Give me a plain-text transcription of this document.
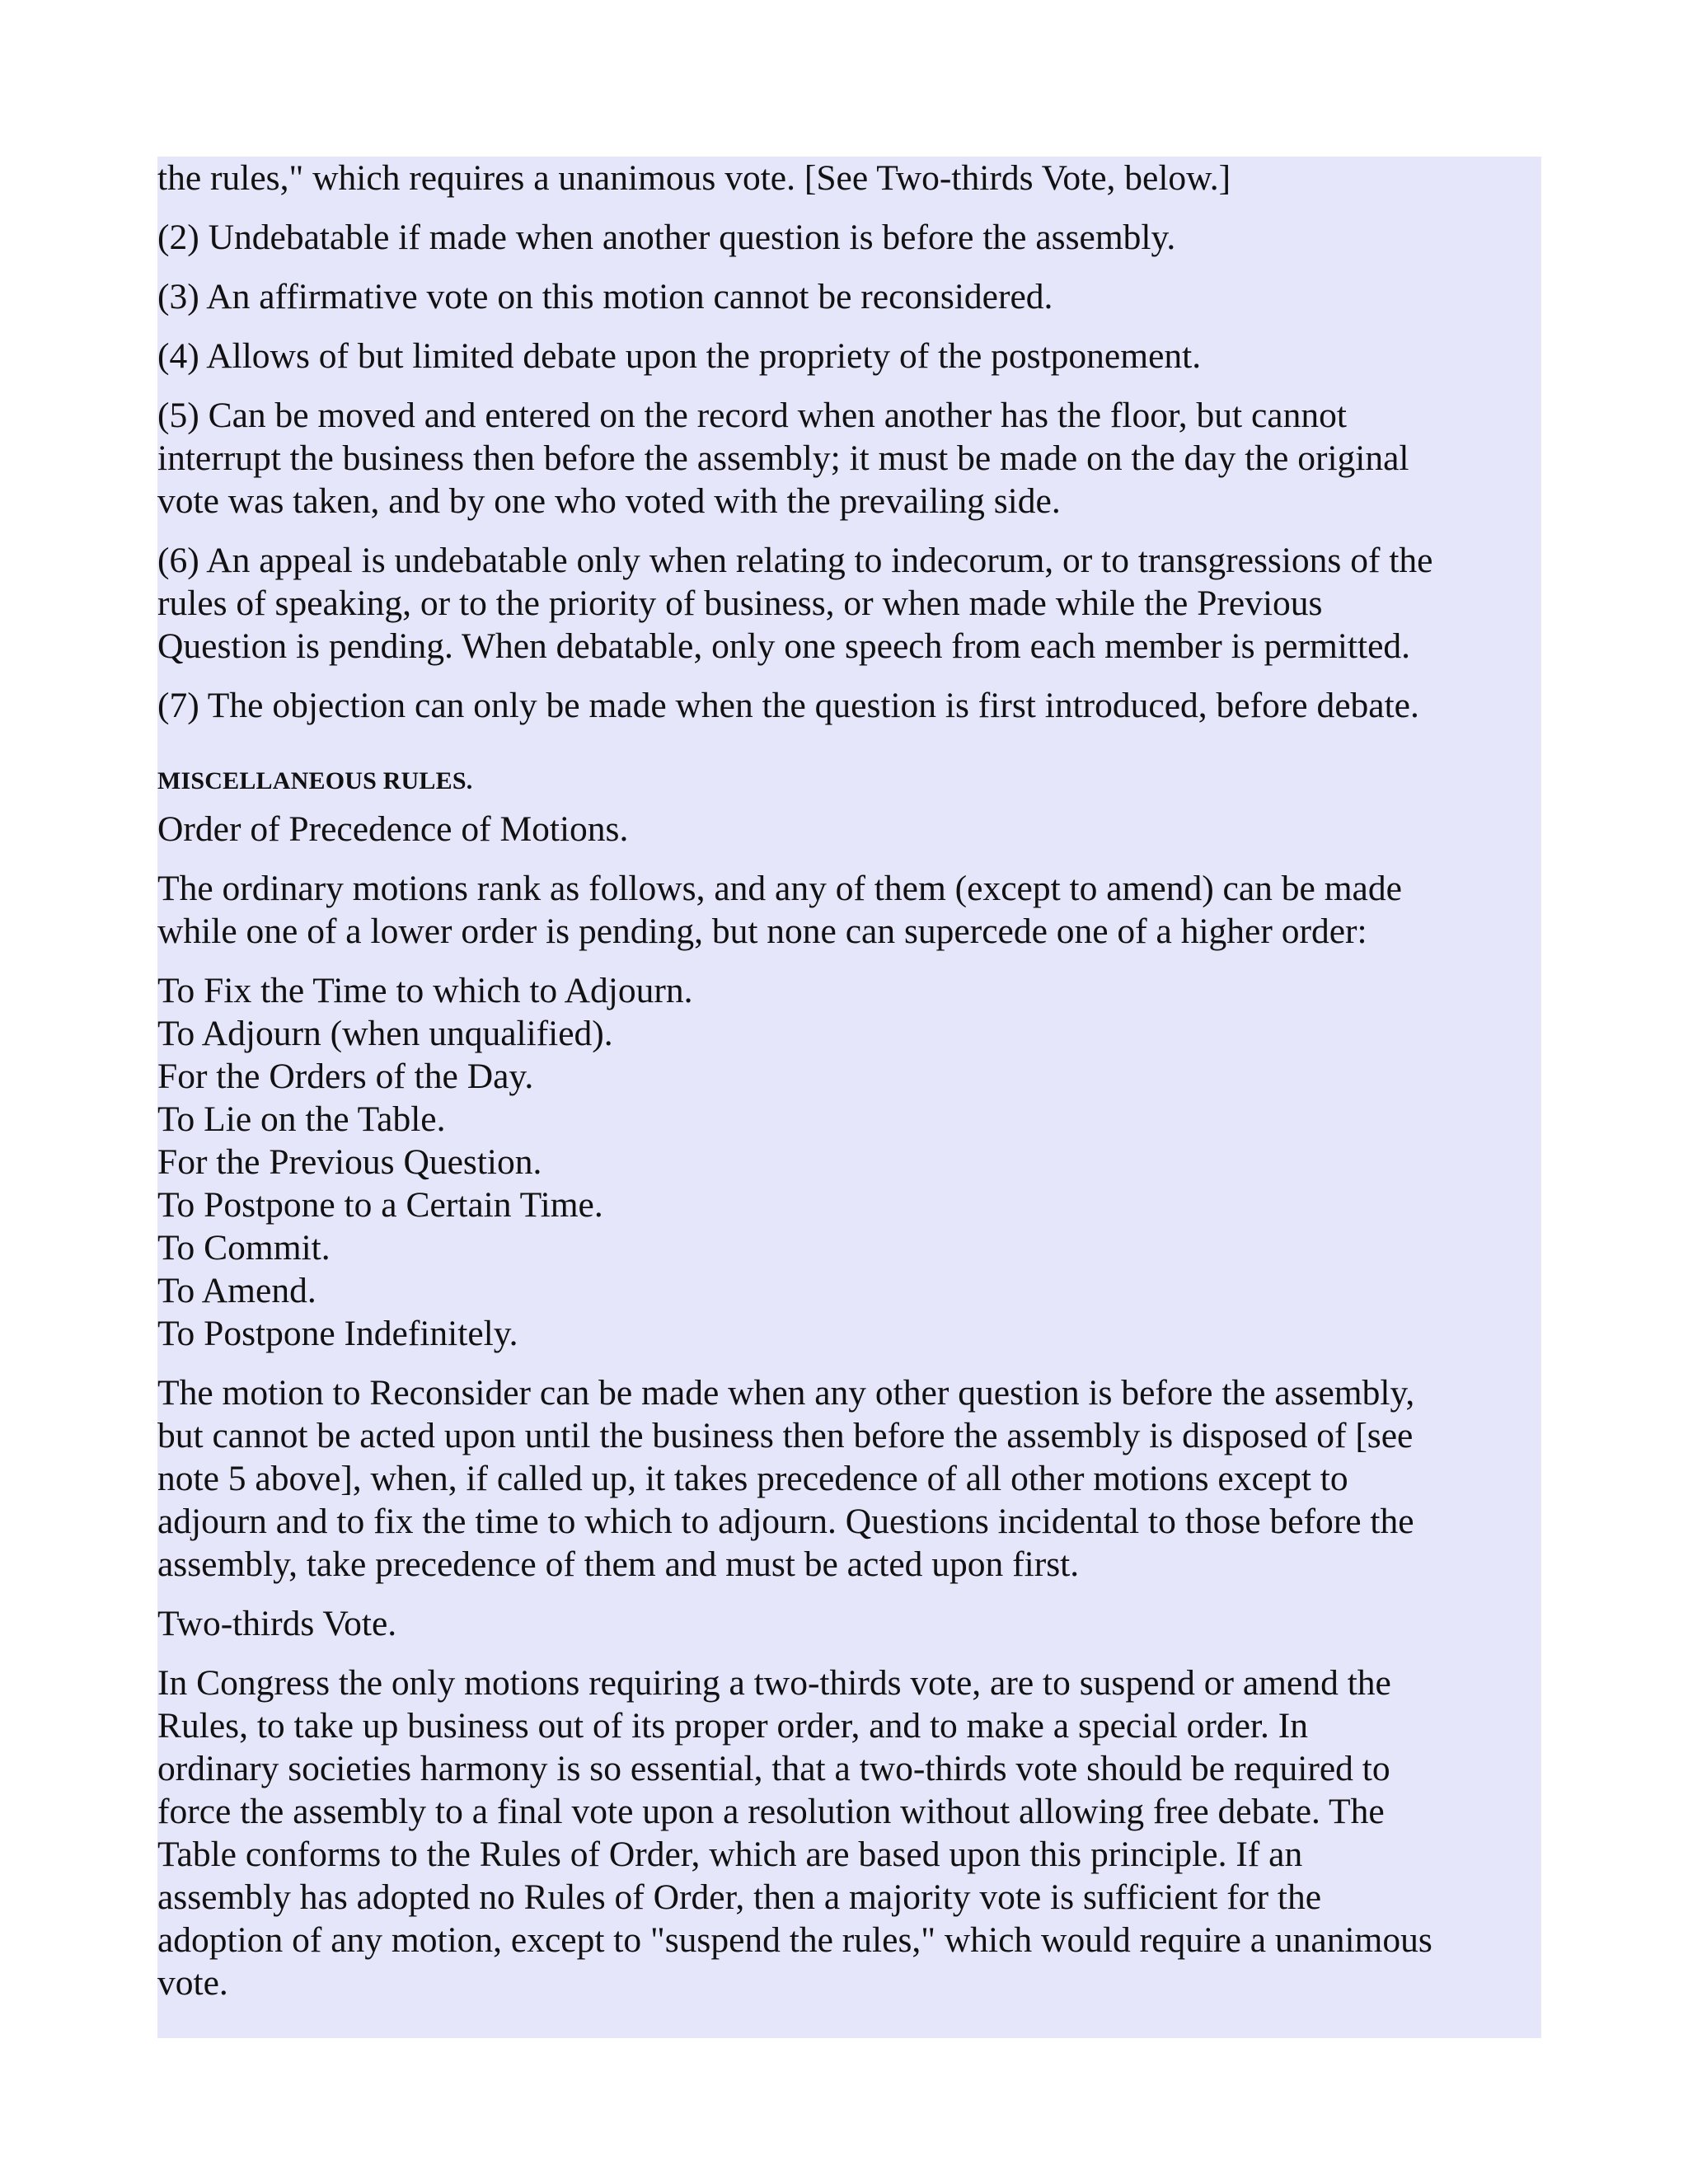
the rules," which requires a unanimous vote. [See Two-thirds Vote, below.]
(2) Undebatable if made when another question is before the assembly.
(3) An affirmative vote on this motion cannot be reconsidered.
(4) Allows of but limited debate upon the propriety of the postponement.
(5) Can be moved and entered on the record when another has the floor, but cannot
interrupt the business then before the assembly; it must be made on the day the original
vote was taken, and by one who voted with the prevailing side.
(6) An appeal is undebatable only when relating to indecorum, or to transgressions of the
rules of speaking, or to the priority of business, or when made while the Previous
Question is pending. When debatable, only one speech from each member is permitted.
(7) The objection can only be made when the question is first introduced, before debate.
MISCELLANEOUS RULES.
Order of Precedence of Motions.
The ordinary motions rank as follows, and any of them (except to amend) can be made
while one of a lower order is pending, but none can supercede one of a higher order:
To Fix the Time to which to Adjourn.
To Adjourn (when unqualified).
For the Orders of the Day.
To Lie on the Table.
For the Previous Question.
To Postpone to a Certain Time.
To Commit.
To Amend.
To Postpone Indefinitely.
The motion to Reconsider can be made when any other question is before the assembly,
but cannot be acted upon until the business then before the assembly is disposed of [see
note 5 above], when, if called up, it takes precedence of all other motions except to
adjourn and to fix the time to which to adjourn. Questions incidental to those before the
assembly, take precedence of them and must be acted upon first.
Two-thirds Vote.
In Congress the only motions requiring a two-thirds vote, are to suspend or amend the
Rules, to take up business out of its proper order, and to make a special order. In
ordinary societies harmony is so essential, that a two-thirds vote should be required to
force the assembly to a final vote upon a resolution without allowing free debate. The
Table conforms to the Rules of Order, which are based upon this principle. If an
assembly has adopted no Rules of Order, then a majority vote is sufficient for the
adoption of any motion, except to "suspend the rules," which would require a unanimous
vote.
